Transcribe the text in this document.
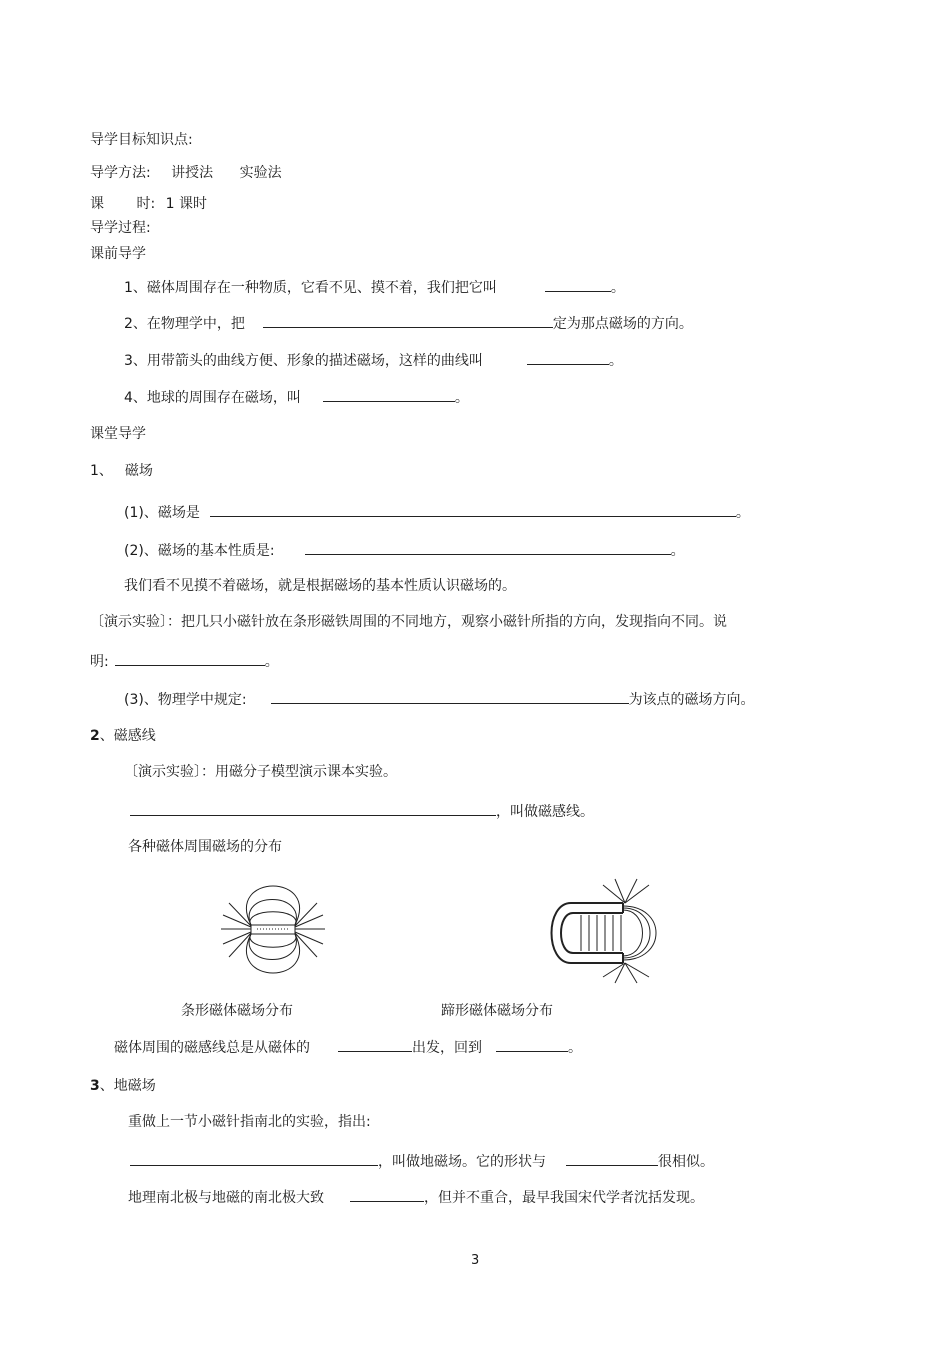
导学目标知识点:
导学方法: 讲授法 实验法
课 时: 1 课时
导学过程:
课前导学
1、磁体周围存在一种物质，它看不见、摸不着，我们把它叫	。
2、在物理学中，把	定为那点磁场的方向。
3、用带箭头的曲线方便、形象的描述磁场，这样的曲线叫	。
4、地球的周围存在磁场，叫	。
课堂导学
1、 磁场
(1)、磁场是	。
(2)、磁场的基本性质是:	。
我们看不见摸不着磁场，就是根据磁场的基本性质认识磁场的。
〔演示实验〕：把几只小磁针放在条形磁铁周围的不同地方，观察小磁针所指的方向，发现指向不同。说
明:	。
(3)、物理学中规定:	为该点的磁场方向。
2、磁感线
〔演示实验〕：用磁分子模型演示课本实验。
，叫做磁感线。
各种磁体周围磁场的分布
条形磁体磁场分布	蹄形磁体磁场分布
磁体周围的磁感线总是从磁体的	出发，回到	。
3、地磁场
重做上一节小磁针指南北的实验，指出:
，叫做地磁场。它的形状与	很相似。
地理南北极与地磁的南北极大致	，但并不重合，最早我国宋代学者沈括发现。
3
